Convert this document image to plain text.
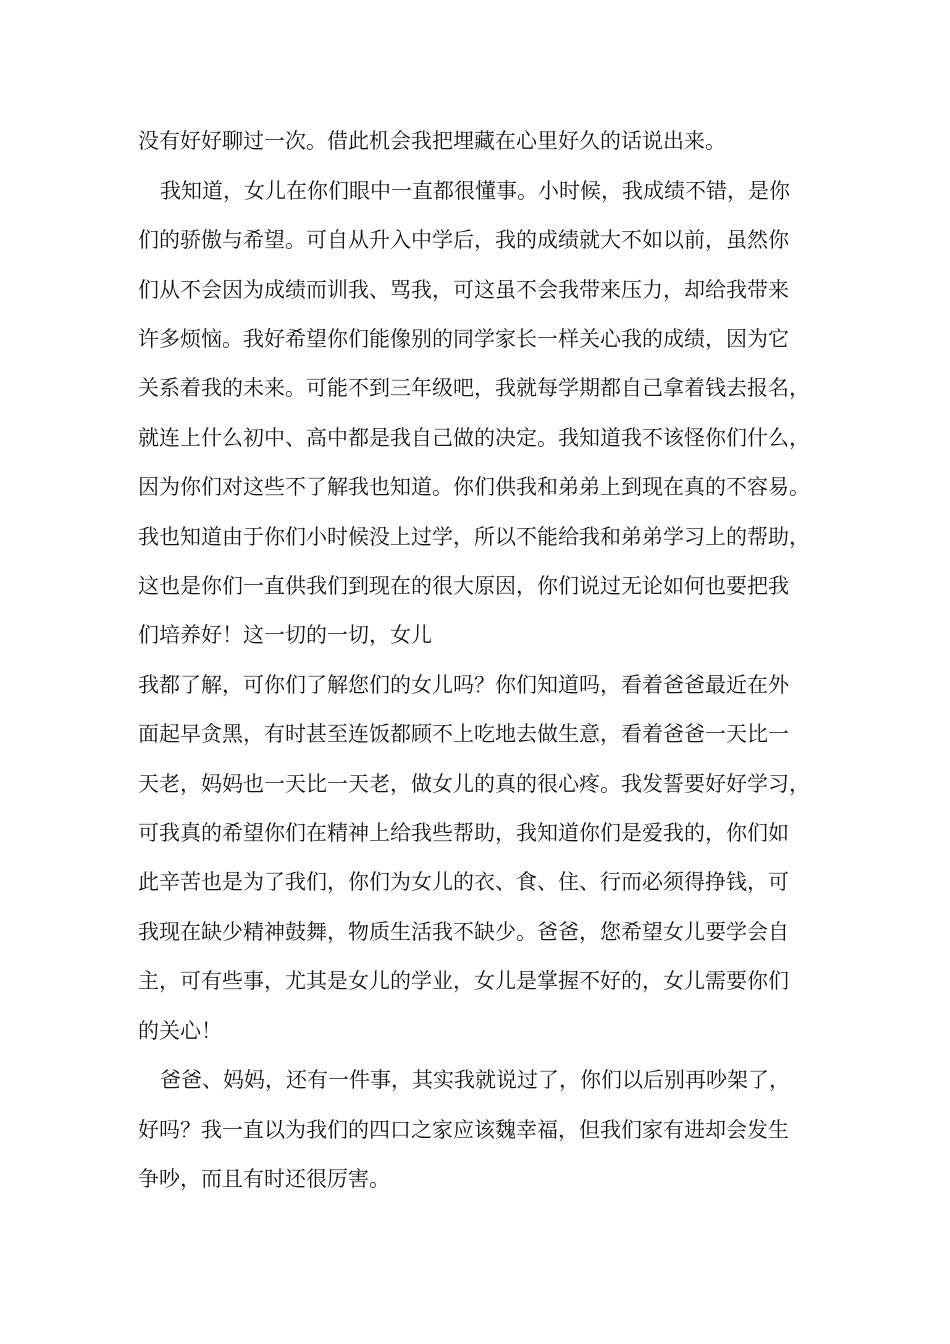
没有好好聊过一次。借此机会我把埋藏在心里好久的话说出来。
我知道，女儿在你们眼中一直都很懂事。小时候，我成绩不错，是你
们的骄傲与希望。可自从升入中学后，我的成绩就大不如以前，虽然你
们从不会因为成绩而训我、骂我，可这虽不会我带来压力，却给我带来
许多烦恼。我好希望你们能像别的同学家长一样关心我的成绩，因为它
关系着我的未来。可能不到三年级吧，我就每学期都自己拿着钱去报名，
就连上什么初中、高中都是我自己做的决定。我知道我不该怪你们什么，
因为你们对这些不了解我也知道。你们供我和弟弟上到现在真的不容易。
我也知道由于你们小时候没上过学，所以不能给我和弟弟学习上的帮助，
这也是你们一直供我们到现在的很大原因，你们说过无论如何也要把我
们培养好！这一切的一切，女儿
我都了解，可你们了解您们的女儿吗？你们知道吗，看着爸爸最近在外
面起早贪黑，有时甚至连饭都顾不上吃地去做生意，看着爸爸一天比一
天老，妈妈也一天比一天老，做女儿的真的很心疼。我发誓要好好学习，
可我真的希望你们在精神上给我些帮助，我知道你们是爱我的，你们如
此辛苦也是为了我们，你们为女儿的衣、食、住、行而必须得挣钱，可
我现在缺少精神鼓舞，物质生活我不缺少。爸爸，您希望女儿要学会自
主，可有些事，尤其是女儿的学业，女儿是掌握不好的，女儿需要你们
的关心！
爸爸、妈妈，还有一件事，其实我就说过了，你们以后别再吵架了，
好吗？我一直以为我们的四口之家应该魏幸福，但我们家有进却会发生
争吵，而且有时还很厉害。
